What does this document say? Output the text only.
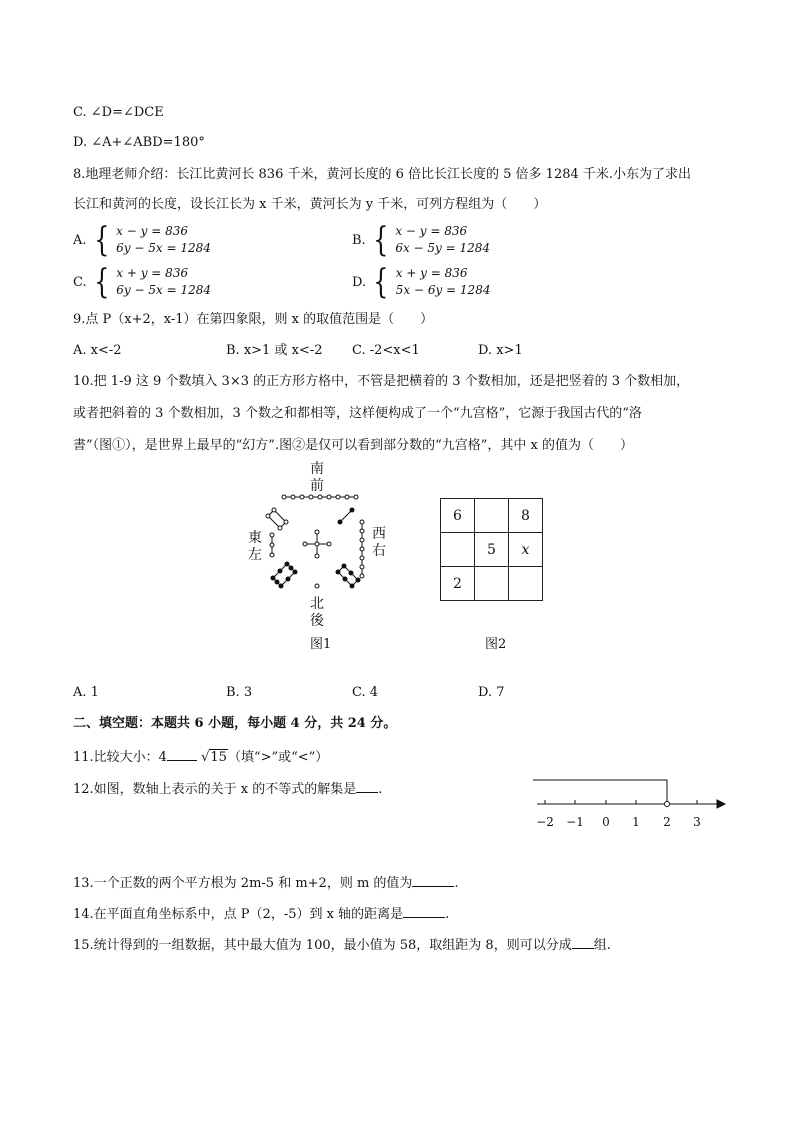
C. ∠D=∠DCE
D. ∠A+∠ABD=180°
8.地理老师介绍：长江比黄河长 836 千米，黄河长度的 6 倍比长江长度的 5 倍多 1284 千米.小东为了求出
长江和黄河的长度，设长江长为 x 千米，黄河长为 y 千米，可列方程组为（　　）
A. { x − y = 836
6y − 5x = 1284
B. { x − y = 836
6x − 5y = 1284
C. { x + y = 836
6y − 5x = 1284
D. { x + y = 836
5x − 6y = 1284
9.点 P（x+2，x-1）在第四象限，则 x 的取值范围是（　　）
A. x<-2	B. x>1 或 x<-2 C. -2<x<1	D. x>1
10.把 1-9 这 9 个数填入 3×3 的正方形方格中，不管是把横着的 3 个数相加，还是把竖着的 3 个数相加，
或者把斜着的 3 个数相加，3 个数之和都相等，这样便构成了一个“九宫格”，它源于我国古代的“洛
書”（图①），是世界上最早的“幻方”.图②是仅可以看到部分数的“九宫格”，其中 x 的值为（　　）
南
前
東
左
西
右
北
後
图1
6		8
	5	x
2		
图2
A. 1	B. 3	C. 4	D. 7
二、填空题：本题共 6 小题，每小题 4 分，共 24 分。
11.比较大小：4	√15（填“>”或“<”）
12.如图，数轴上表示的关于 x 的不等式的解集是 .
−2 −1 0 1 2 3
13.一个正数的两个平方根为 2m-5 和 m+2，则 m 的值为	.
14.在平面直角坐标系中，点 P（2，-5）到 x 轴的距离是	.
15.统计得到的一组数据，其中最大值为 100，最小值为 58，取组距为 8，则可以分成 组.
